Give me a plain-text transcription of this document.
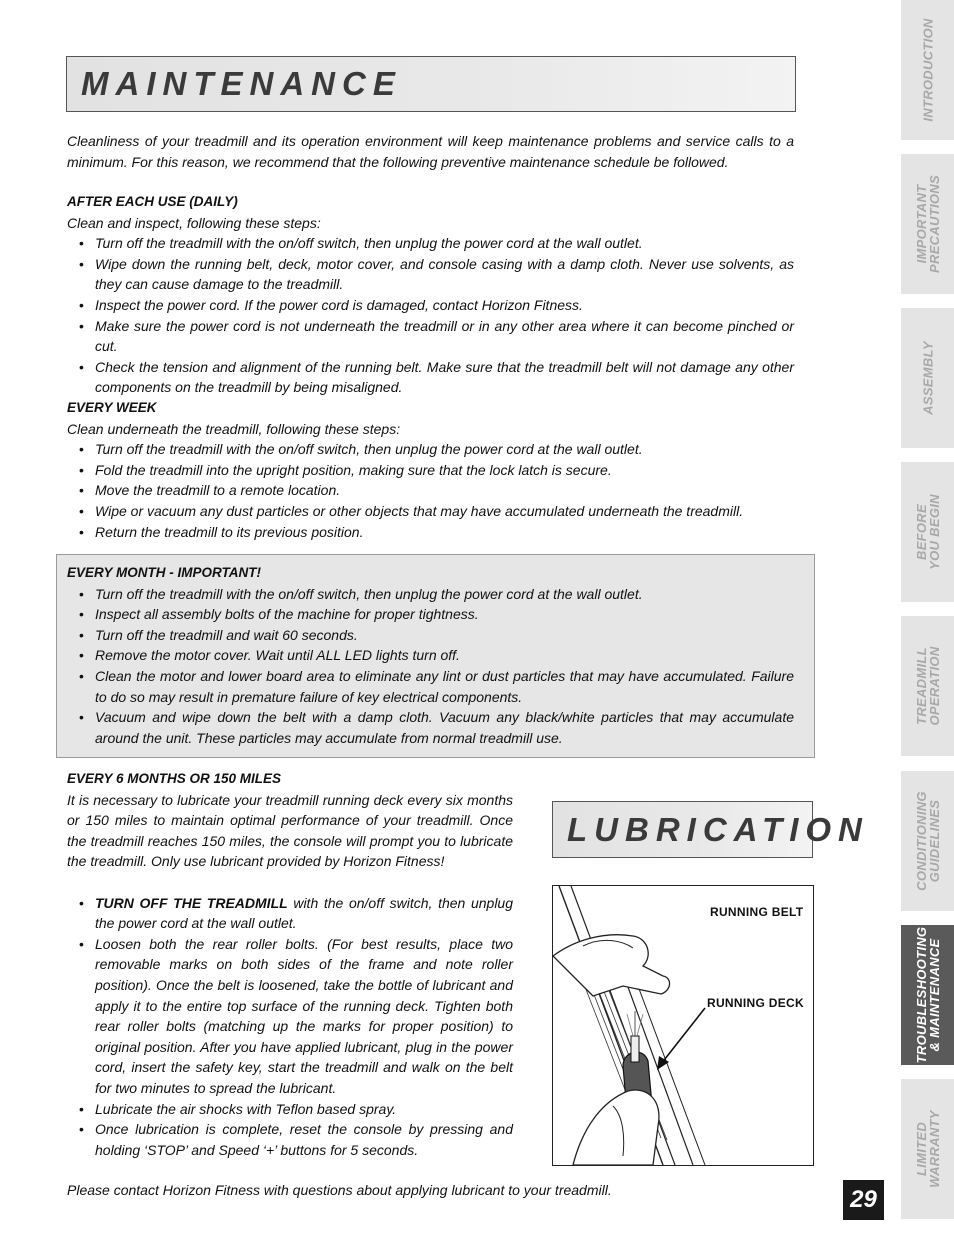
MAINTENANCE
Cleanliness of your treadmill and its operation environment will keep maintenance problems and service calls to a minimum. For this reason, we recommend that the following preventive maintenance schedule be followed.
AFTER EACH USE (DAILY)
Clean and inspect, following these steps:
• Turn off the treadmill with the on/off switch, then unplug the power cord at the wall outlet.
• Wipe down the running belt, deck, motor cover, and console casing with a damp cloth. Never use solvents, as they can cause damage to the treadmill.
• Inspect the power cord. If the power cord is damaged, contact Horizon Fitness.
• Make sure the power cord is not underneath the treadmill or in any other area where it can become pinched or cut.
• Check the tension and alignment of the running belt. Make sure that the treadmill belt will not damage any other components on the treadmill by being misaligned.
EVERY WEEK
Clean underneath the treadmill, following these steps:
• Turn off the treadmill with the on/off switch, then unplug the power cord at the wall outlet.
• Fold the treadmill into the upright position, making sure that the lock latch is secure.
• Move the treadmill to a remote location.
• Wipe or vacuum any dust particles or other objects that may have accumulated underneath the treadmill.
• Return the treadmill to its previous position.
EVERY MONTH - IMPORTANT!
• Turn off the treadmill with the on/off switch, then unplug the power cord at the wall outlet.
• Inspect all assembly bolts of the machine for proper tightness.
• Turn off the treadmill and wait 60 seconds.
• Remove the motor cover. Wait until ALL LED lights turn off.
• Clean the motor and lower board area to eliminate any lint or dust particles that may have accumulated. Failure to do so may result in premature failure of key electrical components.
• Vacuum and wipe down the belt with a damp cloth. Vacuum any black/white particles that may accumulate around the unit. These particles may accumulate from normal treadmill use.
EVERY 6 MONTHS OR 150 MILES

It is necessary to lubricate your treadmill running deck every six months or 150 miles to maintain optimal performance of your treadmill. Once the treadmill reaches 150 miles, the console will prompt you to lubricate the treadmill. Only use lubricant provided by Horizon Fitness!

• TURN OFF THE TREADMILL with the on/off switch, then unplug the power cord at the wall outlet.
• Loosen both the rear roller bolts. (For best results, place two removable marks on both sides of the frame and note roller position). Once the belt is loosened, take the bottle of lubricant and apply it to the entire top surface of the running deck. Tighten both rear roller bolts (matching up the marks for proper position) to original position. After you have applied lubricant, plug in the power cord, insert the safety key, start the treadmill and walk on the belt for two minutes to spread the lubricant.
• Lubricate the air shocks with Teflon based spray.
• Once lubrication is complete, reset the console by pressing and holding ‘STOP’ and Speed ‘+’ buttons for 5 seconds.
LUBRICATION
RUNNING BELT
RUNNING DECK
Please contact Horizon Fitness with questions about applying lubricant to your treadmill.
INTRODUCTION
IMPORTANT
PRECAUTIONS
ASSEMBLY
BEFORE
YOU BEGIN
TREADMILL
OPERATION
CONDITIONING
GUIDELINES
TROUBLESHOOTING
& MAINTENANCE
LIMITED
WARRANTY
29
